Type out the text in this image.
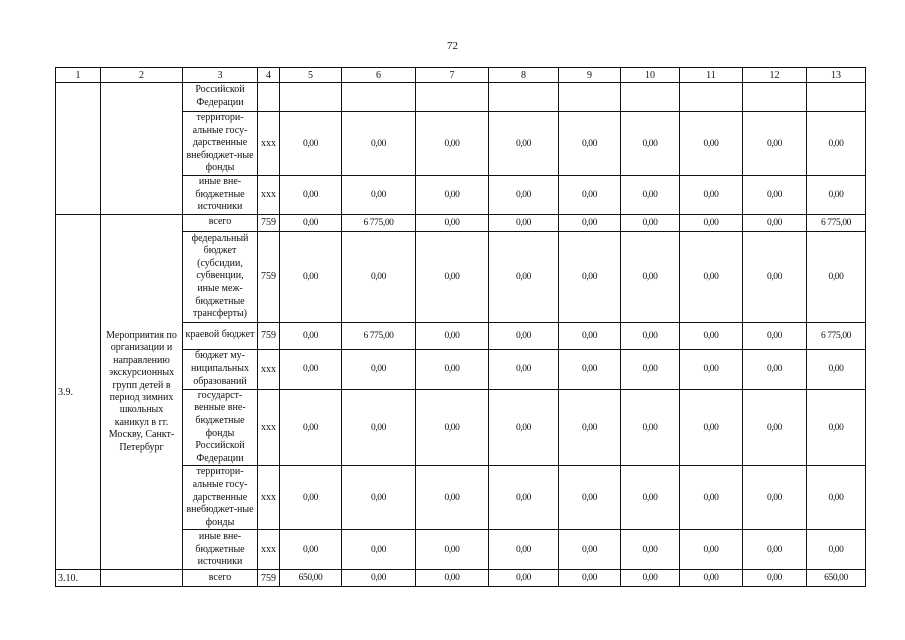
72
1	2	3	4	5	6	7	8	9	10	11	12	13
		Российской Федерации										
		территори-альные госу-дарственные внебюджет-ные фонды	ххх	0,00	0,00	0,00	0,00	0,00	0,00	0,00	0,00	0,00
		иные вне-бюджетные источники	ххх	0,00	0,00	0,00	0,00	0,00	0,00	0,00	0,00	0,00
3.9.	Мероприятия по организации и направлению экскурсионных групп детей в период зимних школьных каникул в гг. Москву, Санкт-Петербург	всего	759	0,00	6 775,00	0,00	0,00	0,00	0,00	0,00	0,00	6 775,00
		федеральный бюджет (субсидии, субвенции, иные меж-бюджетные трансферты)	759	0,00	0,00	0,00	0,00	0,00	0,00	0,00	0,00	0,00
		краевой бюджет	759	0,00	6 775,00	0,00	0,00	0,00	0,00	0,00	0,00	6 775,00
		бюджет му-ниципальных образований	ххх	0,00	0,00	0,00	0,00	0,00	0,00	0,00	0,00	0,00
		государст-венные вне-бюджетные фонды Российской Федерации	ххх	0,00	0,00	0,00	0,00	0,00	0,00	0,00	0,00	0,00
		территори-альные госу-дарственные внебюджет-ные фонды	ххх	0,00	0,00	0,00	0,00	0,00	0,00	0,00	0,00	0,00
		иные вне-бюджетные источники	ххх	0,00	0,00	0,00	0,00	0,00	0,00	0,00	0,00	0,00
3.10.		всего	759	650,00	0,00	0,00	0,00	0,00	0,00	0,00	0,00	650,00
